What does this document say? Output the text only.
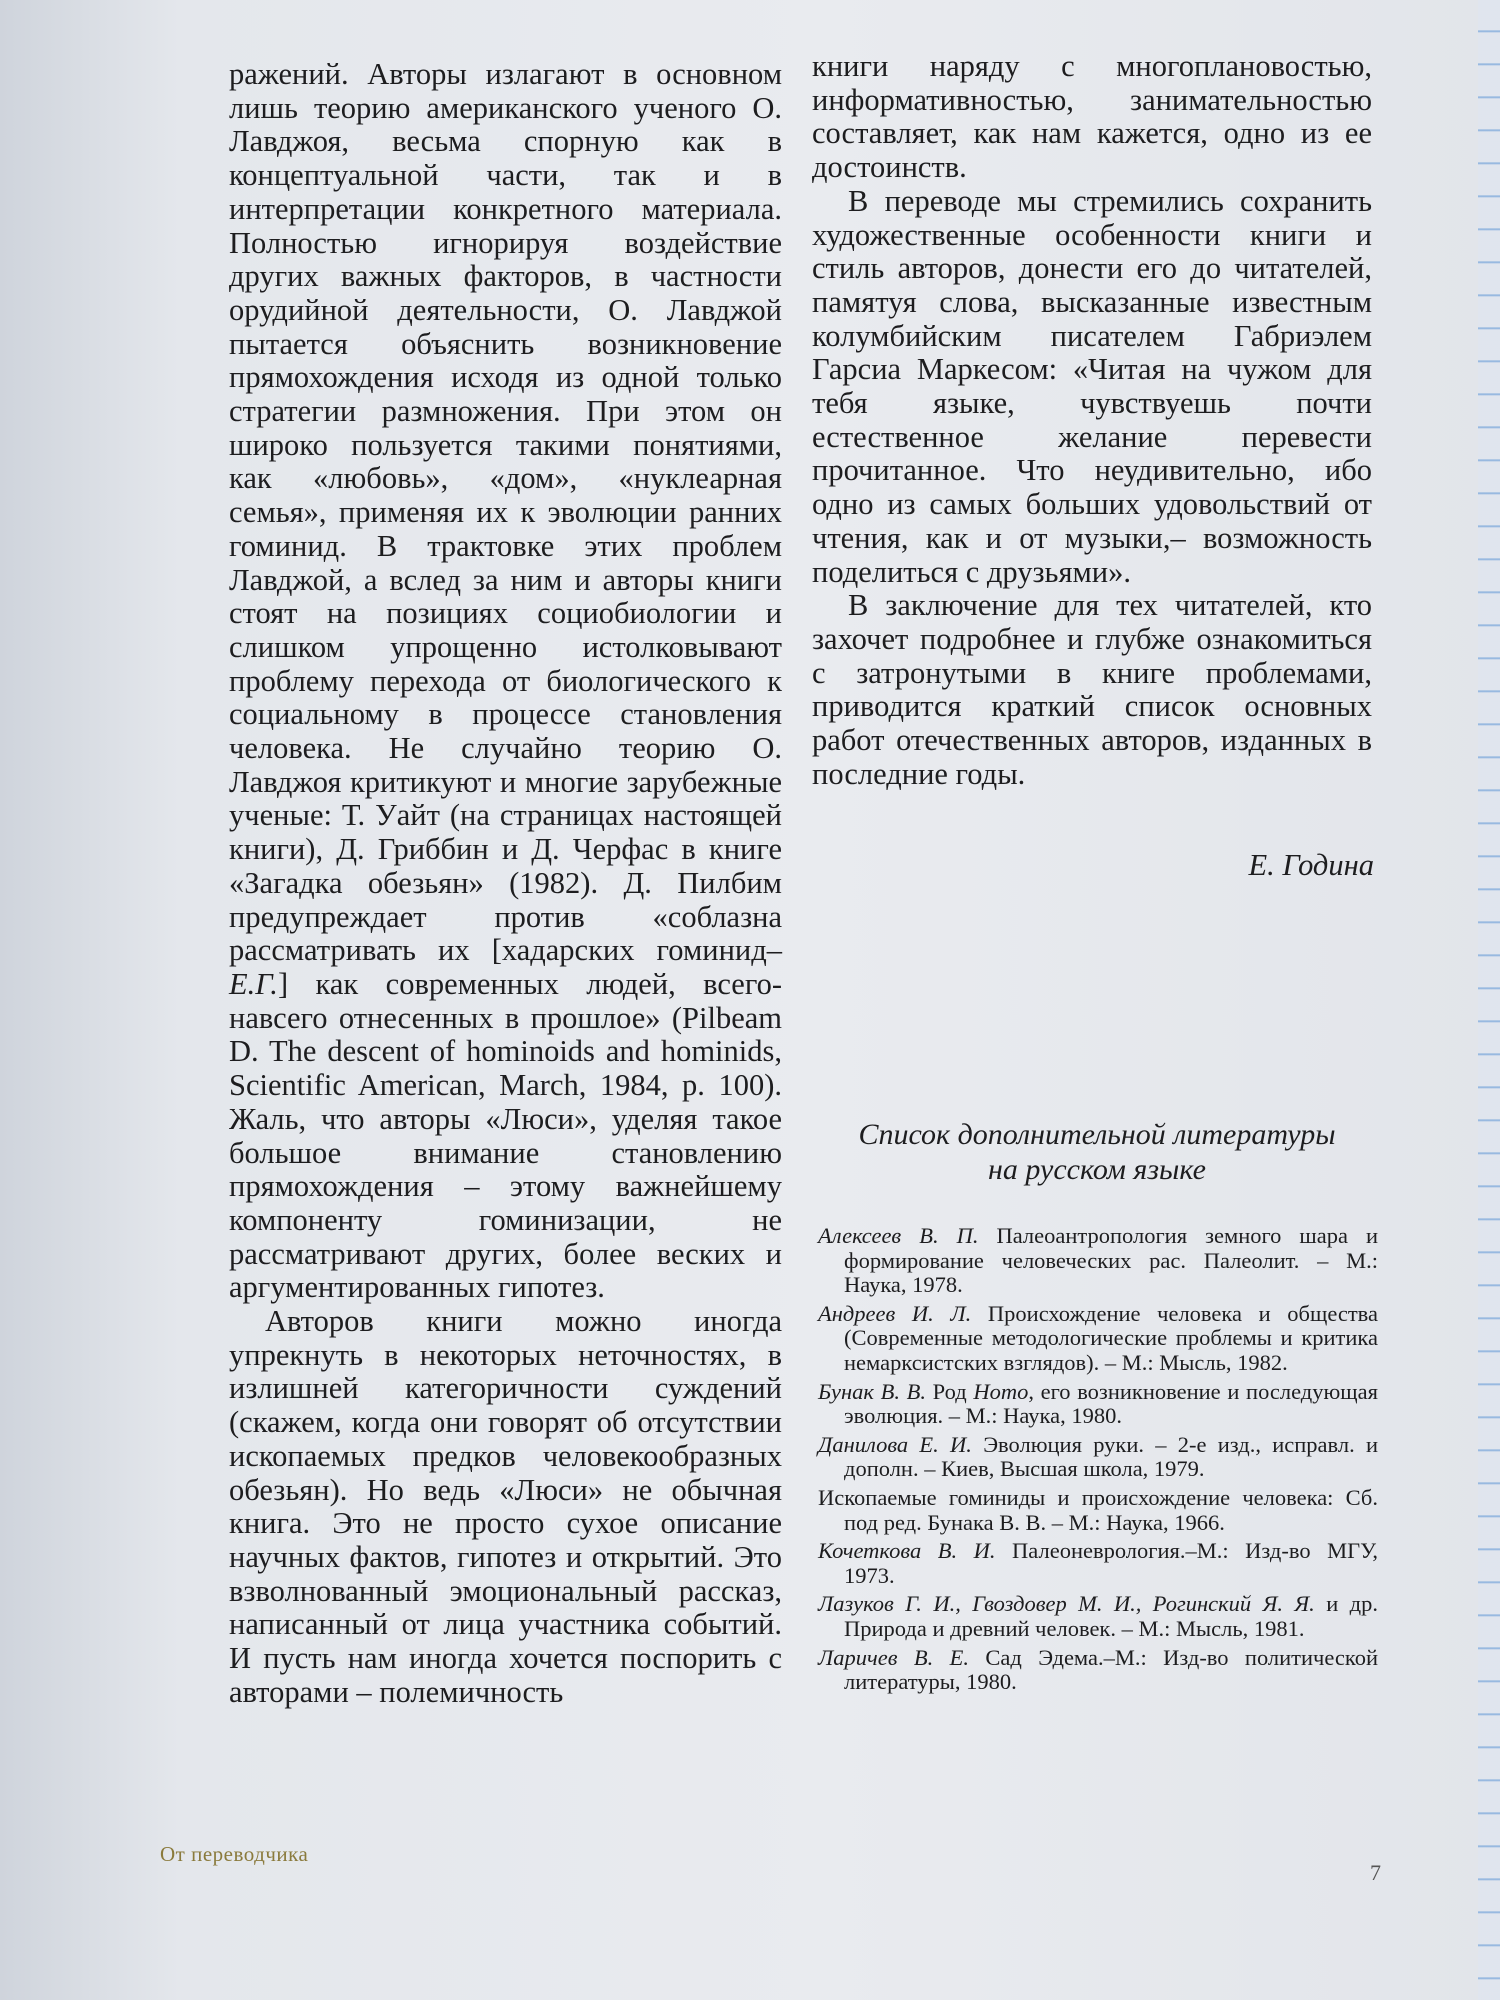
ражений. Авторы излагают в основном лишь теорию американского ученого О. Лавджоя, весьма спорную как в концептуальной части, так и в интерпретации конкретного материала. Полностью игнорируя воздействие других важных факторов, в частности орудийной деятельности, О. Лавджой пытается объяснить возникновение прямохождения исходя из одной только стратегии размножения. При этом он широко пользуется такими понятиями, как «любовь», «дом», «нуклеарная семья», применяя их к эволюции ранних гоминид. В трактовке этих проблем Лавджой, а вслед за ним и авторы книги стоят на позициях социобиологии и слишком упрощенно истолковывают проблему перехода от биологического к социальному в процессе становления человека. Не случайно теорию О. Лавджоя критикуют и многие зарубежные ученые: Т. Уайт (на страницах настоящей книги), Д. Гриббин и Д. Черфас в книге «Загадка обезьян» (1982). Д. Пилбим предупреждает против «соблазна рассматривать их [хадарских гоминид–Е.Г.] как современных людей, всего-навсего отнесенных в прошлое» (Pilbeam D. The descent of hominoids and hominids, Scientific American, March, 1984, p. 100). Жаль, что авторы «Люси», уделяя такое большое внимание становлению прямохождения – этому важнейшему компоненту гоминизации, не рассматривают других, более веских и аргументированных гипотез.

Авторов книги можно иногда упрекнуть в некоторых неточностях, в излишней категоричности суждений (скажем, когда они говорят об отсутствии ископаемых предков человекообразных обезьян). Но ведь «Люси» не обычная книга. Это не просто сухое описание научных фактов, гипотез и открытий. Это взволнованный эмоциональный рассказ, написанный от лица участника событий. И пусть нам иногда хочется поспорить с авторами – полемичность

книги наряду с многоплановостью, информативностью, занимательностью составляет, как нам кажется, одно из ее достоинств.

В переводе мы стремились сохранить художественные особенности книги и стиль авторов, донести его до читателей, памятуя слова, высказанные известным колумбийским писателем Габриэлем Гарсиа Маркесом: «Читая на чужом для тебя языке, чувствуешь почти естественное желание перевести прочитанное. Что неудивительно, ибо одно из самых больших удовольствий от чтения, как и от музыки,– возможность поделиться с друзьями».

В заключение для тех читателей, кто захочет подробнее и глубже ознакомиться с затронутыми в книге проблемами, приводится краткий список основных работ отечественных авторов, изданных в последние годы.

Е. Година
Список дополнительной литературы
на русском языке

Алексеев В. П. Палеоантропология земного шара и формирование человеческих рас. Палеолит. – М.: Наука, 1978.

Андреев И. Л. Происхождение человека и общества (Современные методологические проблемы и критика немарксистских взглядов). – М.: Мысль, 1982.

Бунак В. В. Род Homo, его возникновение и последующая эволюция. – М.: Наука, 1980.

Данилова Е. И. Эволюция руки. – 2-е изд., исправл. и дополн. – Киев, Высшая школа, 1979.

Ископаемые гоминиды и происхождение человека: Сб. под ред. Бунака В. В. – М.: Наука, 1966.

Кочеткова В. И. Палеоневрология.–М.: Изд-во МГУ, 1973.

Лазуков Г. И., Гвоздовер М. И., Рогинский Я. Я. и др. Природа и древний человек. – М.: Мысль, 1981.

Ларичев В. Е. Сад Эдема.–М.: Изд-во политической литературы, 1980.

От переводчика
7
